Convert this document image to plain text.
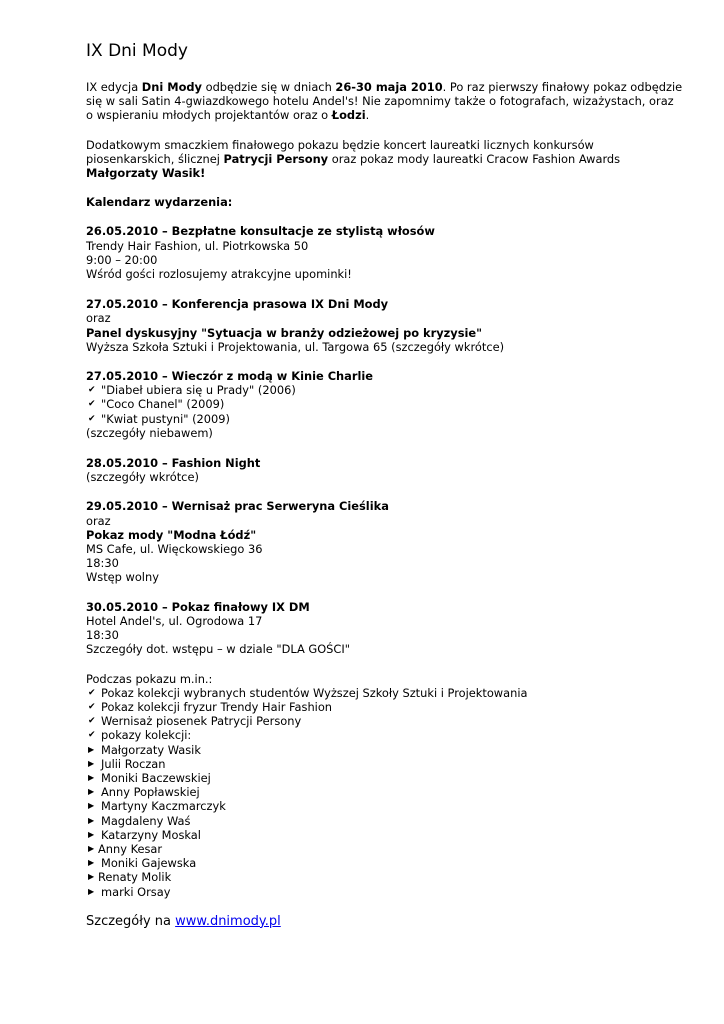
IX Dni Mody

IX edycja Dni Mody odbędzie się w dniach 26-30 maja 2010. Po raz pierwszy finałowy pokaz odbędzie się w sali Satin 4-gwiazdkowego hotelu Andel's! Nie zapomnimy także o fotografach, wizażystach, oraz o wspieraniu młodych projektantów oraz o Łodzi.

Dodatkowym smaczkiem finałowego pokazu będzie koncert laureatki licznych konkursów piosenkarskich, ślicznej Patrycji Persony oraz pokaz mody laureatki Cracow Fashion Awards Małgorzaty Wasik!

Kalendarz wydarzenia:

26.05.2010 – Bezpłatne konsultacje ze stylistą włosów

Trendy Hair Fashion, ul. Piotrkowska 50

9:00 – 20:00

Wśród gości rozlosujemy atrakcyjne upominki!

27.05.2010 – Konferencja prasowa IX Dni Mody

oraz

Panel dyskusyjny "Sytuacja w branży odzieżowej po kryzysie"

Wyższa Szkoła Sztuki i Projektowania, ul. Targowa 65 (szczegóły wkrótce)

27.05.2010 – Wieczór z modą w Kinie Charlie

✔ "Diabeł ubiera się u Prady" (2006)
✔ "Coco Chanel" (2009)
✔ "Kwiat pustyni" (2009)

(szczegóły niebawem)

28.05.2010 – Fashion Night

(szczegóły wkrótce)

29.05.2010 – Wernisaż prac Serweryna Cieślika

oraz

Pokaz mody "Modna Łódź"

MS Cafe, ul. Więckowskiego 36

18:30

Wstęp wolny

30.05.2010 – Pokaz finałowy IX DM

Hotel Andel's, ul. Ogrodowa 17

18:30

Szczegóły dot. wstępu – w dziale "DLA GOŚCI"

Podczas pokazu m.in.:

✔ Pokaz kolekcji wybranych studentów Wyższej Szkoły Sztuki i Projektowania
✔ Pokaz kolekcji fryzur Trendy Hair Fashion
✔ Wernisaż piosenek Patrycji Persony
✔ pokazy kolekcji:
▶ Małgorzaty Wasik
▶ Julii Roczan
▶ Moniki Baczewskiej
▶ Anny Popławskiej
▶ Martyny Kaczmarczyk
▶ Magdaleny Waś
▶ Katarzyny Moskal
▶ Anny Kesar
▶ Moniki Gajewska
▶ Renaty Molik
▶ marki Orsay

Szczegóły na www.dnimody.pl
